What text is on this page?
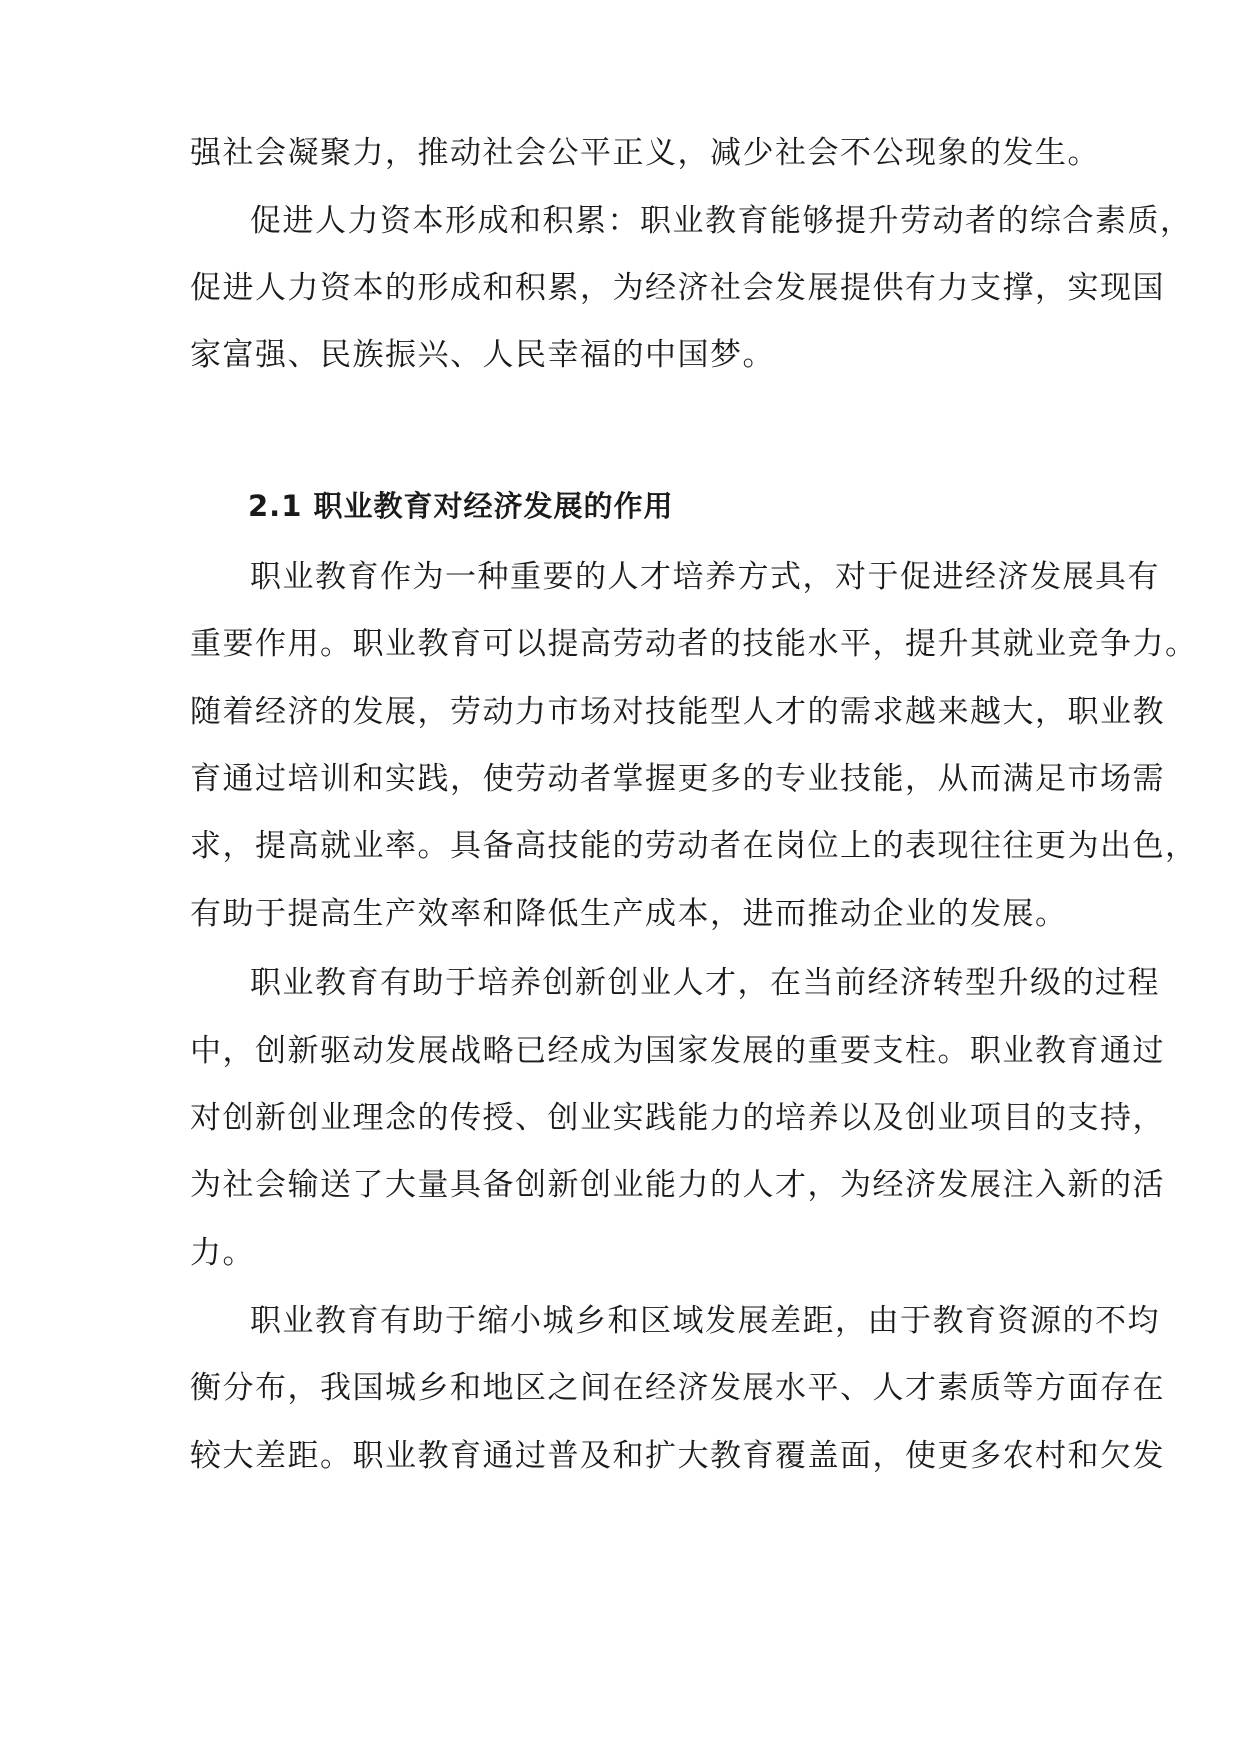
强社会凝聚力，推动社会公平正义，减少社会不公现象的发生。
促进人力资本形成和积累：职业教育能够提升劳动者的综合素质，
促进人力资本的形成和积累，为经济社会发展提供有力支撑，实现国
家富强、民族振兴、人民幸福的中国梦。
2.1 职业教育对经济发展的作用
职业教育作为一种重要的人才培养方式，对于促进经济发展具有
重要作用。职业教育可以提高劳动者的技能水平，提升其就业竞争力。
随着经济的发展，劳动力市场对技能型人才的需求越来越大，职业教
育通过培训和实践，使劳动者掌握更多的专业技能，从而满足市场需
求，提高就业率。具备高技能的劳动者在岗位上的表现往往更为出色，
有助于提高生产效率和降低生产成本，进而推动企业的发展。
职业教育有助于培养创新创业人才，在当前经济转型升级的过程
中，创新驱动发展战略已经成为国家发展的重要支柱。职业教育通过
对创新创业理念的传授、创业实践能力的培养以及创业项目的支持，
为社会输送了大量具备创新创业能力的人才，为经济发展注入新的活
力。
职业教育有助于缩小城乡和区域发展差距，由于教育资源的不均
衡分布，我国城乡和地区之间在经济发展水平、人才素质等方面存在
较大差距。职业教育通过普及和扩大教育覆盖面，使更多农村和欠发
